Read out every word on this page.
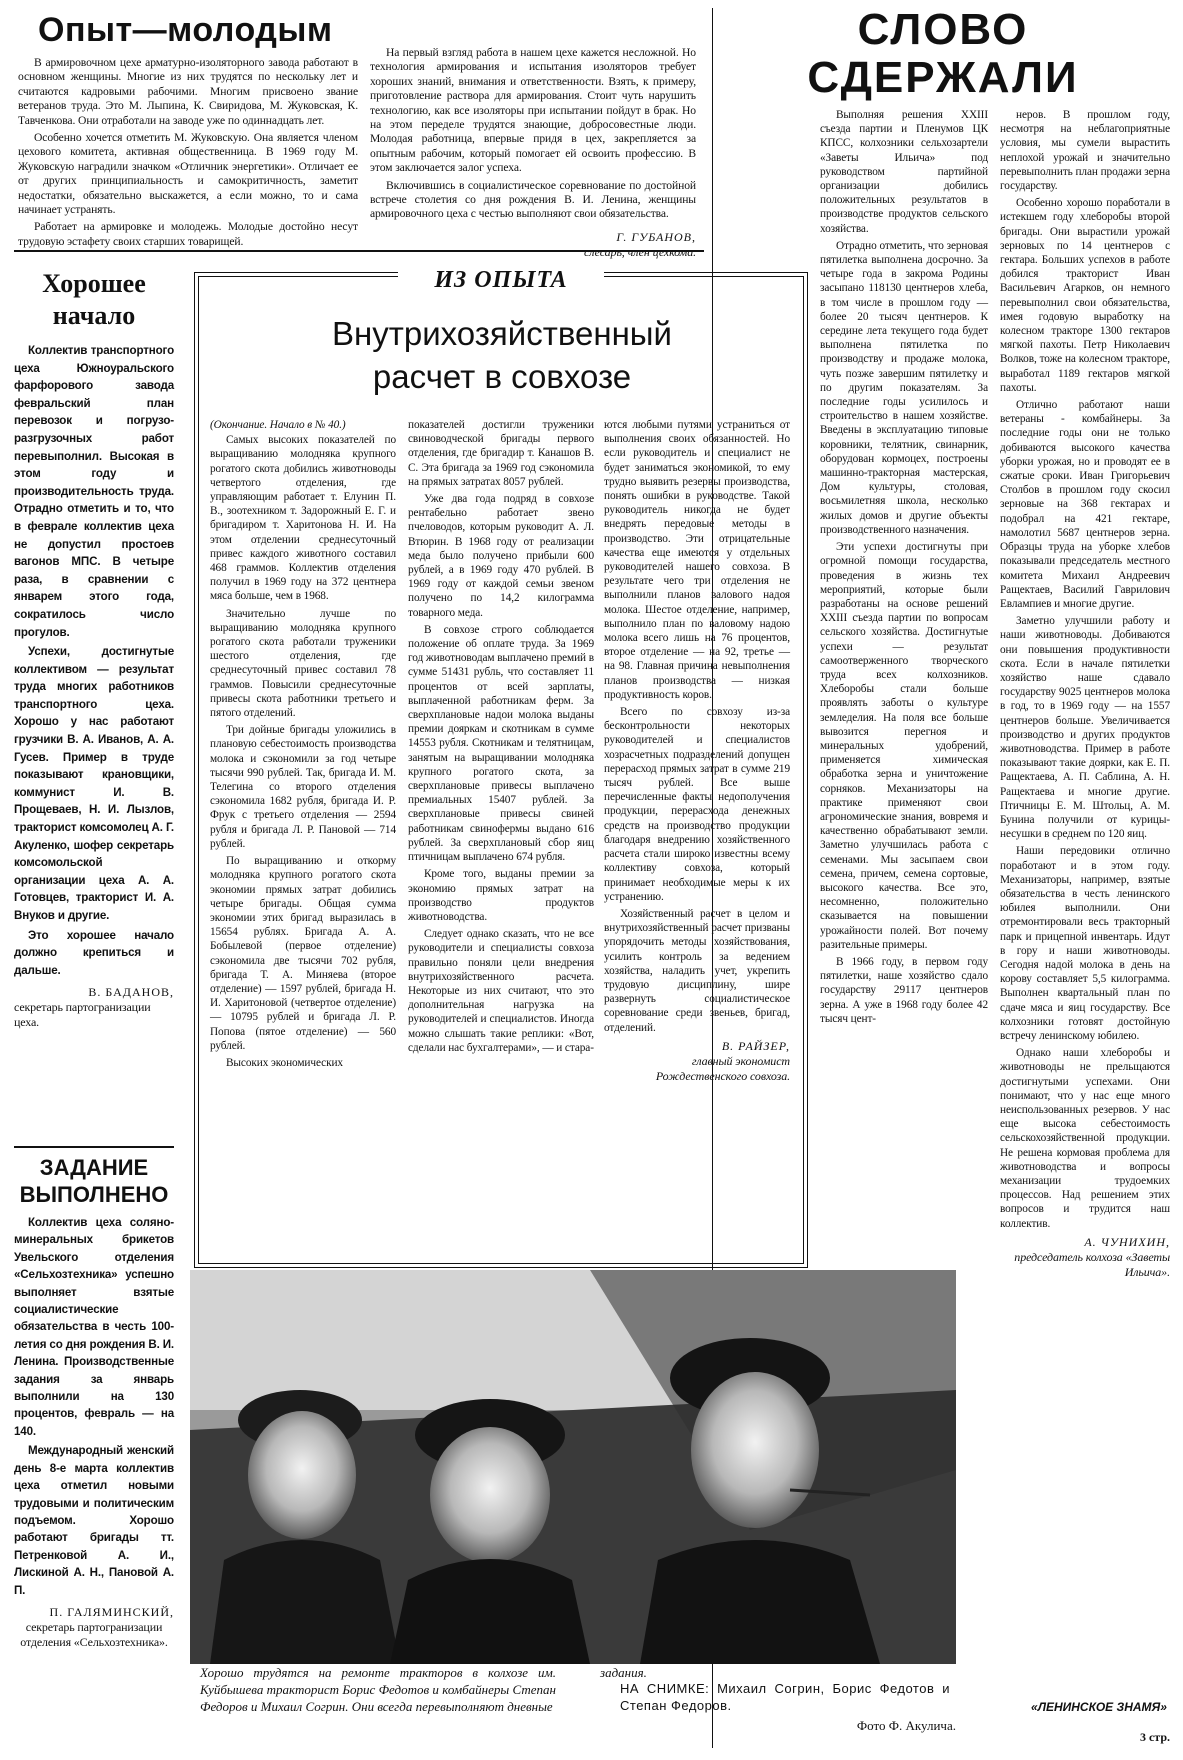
Опыт—молодым

В армировочном цехе арматурно-изоляторного завода работают в основном женщины. Многие из них трудятся по нескольку лет и считаются кадровыми рабочими. Многим присвоено звание ветеранов труда. Это М. Лыпина, К. Свиридова, М. Жуковская, К. Тавченкова. Они отработали на заводе уже по одиннадцать лет.

Особенно хочется отметить М. Жуковскую. Она является членом цехового комитета, активная общественница. В 1969 году М. Жуковскую наградили значком «Отличник энергетики». Отличает ее от других принципиальность и самокритичность, заметит недостатки, обязательно выскажется, а если можно, то и сама начинает устранять.

Работает на армировке и молодежь. Молодые достойно несут трудовую эстафету своих старших товарищей.

На первый взгляд работа в нашем цехе кажется несложной. Но технология армирования и испытания изоляторов требует хороших знаний, внимания и ответственности. Взять, к примеру, приготовление раствора для армирования. Стоит чуть нарушить технологию, как все изоляторы при испытании пойдут в брак. Но на этом переделе трудятся знающие, добросовестные люди. Молодая работница, впервые придя в цех, закрепляется за опытным рабочим, который помогает ей освоить профессию. В этом заключается залог успеха.

Включившись в социалистическое соревнование по достойной встрече столетия со дня рождения В. И. Ленина, женщины армировочного цеха с честью выполняют свои обязательства.

Г. ГУБАНОВ,
СЛОВО
СДЕРЖАЛИ

Выполняя решения XXIII съезда партии и Пленумов ЦК КПСС, колхозники сельхозартели «Заветы Ильича» под руководством партийной организации добились положительных результатов в производстве продуктов сельского хозяйства.

Отрадно отметить, что зерновая пятилетка выполнена досрочно. За четыре года в закрома Родины засыпано 118130 центнеров хлеба, в том числе в прошлом году — более 20 тысяч центнеров. К середине лета текущего года будет выполнена пятилетка по производству и продаже молока, чуть позже завершим пятилетку и по другим показателям. За последние годы усилилось и строительство в нашем хозяйстве. Введены в эксплуатацию типовые коровники, телятник, свинарник, оборудован кормоцех, построены машинно-тракторная мастерская, Дом культуры, столовая, восьмилетняя школа, несколько жилых домов и другие объекты производственного назначения.

Эти успехи достигнуты при огромной помощи государства, проведения в жизнь тех мероприятий, которые были разработаны на основе решений XXIII съезда партии по вопросам сельского хозяйства. Достигнутые успехи — результат самоотверженного творческого труда всех колхозников. Хлеборобы стали больше проявлять заботы о культуре земледелия. На поля все больше вывозится перегноя и минеральных удобрений, применяется химическая обработка зерна и уничтожение сорняков. Механизаторы на практике применяют свои агрономические знания, вовремя и качественно обрабатывают земли. Заметно улучшилась работа с семенами. Мы засыпаем свои семена, причем, семена сортовые, высокого качества. Все это, несомненно, положительно сказывается на повышении урожайности полей. Вот почему разительные примеры.

В 1966 году, в первом году пятилетки, наше хозяйство сдало государству 29117 центнеров зерна. А уже в 1968 году более 42 тысяч цент-

неров. В прошлом году, несмотря на неблагоприятные условия, мы сумели вырастить неплохой урожай и значительно перевыполнить план продажи зерна государству.

Особенно хорошо поработали в истекшем году хлеборобы второй бригады. Они вырастили урожай зерновых по 14 центнеров с гектара. Больших успехов в работе добился тракторист Иван Васильевич Агарков, он немного перевыполнил свои обязательства, имея годовую выработку на колесном тракторе 1300 гектаров мягкой пахоты. Петр Николаевич Волков, тоже на колесном тракторе, выработал 1189 гектаров мягкой пахоты.

Отлично работают наши ветераны - комбайнеры. За последние годы они не только добиваются высокого качества уборки урожая, но и проводят ее в сжатые сроки. Иван Григорьевич Столбов в прошлом году скосил зерновые на 368 гектарах и подобрал на 421 гектаре, намолотил 5687 центнеров зерна. Образцы труда на уборке хлебов показывали председатель местного комитета Михаил Андреевич Ращектаев, Василий Гаврилович Евлампиев и многие другие.

Заметно улучшили работу и наши животноводы. Добиваются они повышения продуктивности скота. Если в начале пятилетки хозяйство наше сдавало государству 9025 центнеров молока в год, то в 1969 году — на 1557 центнеров больше. Увеличивается производство и других продуктов животноводства. Пример в работе показывают такие доярки, как Е. П. Ращектаева, А. П. Саблина, А. Н. Ращектаева и многие другие. Птичницы Е. М. Штольц, А. М. Бунина получили от курицы-несушки в среднем по 120 яиц.

Наши передовики отлично поработают и в этом году. Механизаторы, например, взятые обязательства в честь ленинского юбилея выполнили. Они отремонтировали весь тракторный парк и прицепной инвентарь. Идут в гору и наши животноводы. Сегодня надой молока в день на корову составляет 5,5 килограмма. Выполнен квартальный план по сдаче мяса и яиц государству. Все колхозники готовят достойную встречу ленинскому юбилею.

Однако наши хлеборобы и животноводы не прельщаются достигнутыми успехами. Они понимают, что у нас еще много неиспользованных резервов. У нас еще высока себестоимость сельскохозяйственной продукции. Не решена кормовая проблема для животноводства и вопросы механизации трудоемких процессов. Над решением этих вопросов и трудится наш коллектив.

А. ЧУНИХИН,
председатель колхоза «Заветы Ильича».
Хорошее
начало

Коллектив транспортного цеха Южноуральского фарфорового завода февральский план перевозок и погрузо-разгрузочных работ перевыполнил. Высокая в этом году и производительность труда. Отрадно отметить и то, что в феврале коллектив цеха не допустил простоев вагонов МПС. В четыре раза, в сравнении с январем этого года, сократилось число прогулов.

Успехи, достигнутые коллективом — результат труда многих работников транспортного цеха. Хорошо у нас работают грузчики В. А. Иванов, А. А. Гусев. Пример в труде показывают крановщики, коммунист И. В. Прощеваев, Н. И. Лызлов, тракторист комсомолец А. Г. Акуленко, шофер секретарь комсомольской организации цеха А. А. Готовцев, тракторист И. А. Внуков и другие.

Это хорошее начало должно крепиться и дальше.

В. БАДАНОВ,
секретарь партогранизации цеха.
ЗАДАНИЕ
ВЫПОЛНЕНО

Коллектив цеха соляно-минеральных брикетов Увельского отделения «Сельхозтехника» успешно выполняет взятые социалистические обязательства в честь 100-летия со дня рождения В. И. Ленина. Производственные задания за январь выполнили на 130 процентов, февраль — на 140.

Международный женский день 8-е марта коллектив цеха отметил новыми трудовыми и политическим подъемом. Хорошо работают бригады тт. Петренковой А. И., Лискиной А. Н., Пановой А. П.

П. ГАЛЯМИНСКИЙ,
секретарь партогранизации отделения «Сельхозтехника».
ИЗ ОПЫТА
Внутрихозяйственный
расчет в совхозе
(Окончание. Начало в № 40.)

Самых высоких показателей по выращиванию молодняка крупного рогатого скота добились животноводы четвертого отделения, где управляющим работает т. Елунин П. В., зоотехником т. Задорожный Е. Г. и бригадиром т. Харитонова Н. И. На этом отделении среднесуточный привес каждого животного составил 468 граммов. Коллектив отделения получил в 1969 году на 372 центнера мяса больше, чем в 1968.

Значительно лучше по выращиванию молодняка крупного рогатого скота работали труженики шестого отделения, где среднесуточный привес составил 78 граммов. Повысили среднесуточные привесы скота работники третьего и пятого отделений.

Три дойные бригады уложились в плановую себестоимость производства молока и сэкономили за год четыре тысячи 990 рублей. Так, бригада И. М. Телегина со второго отделения сэкономила 1682 рубля, бригада И. Р. Фрук с третьего отделения — 2594 рубля и бригада Л. Р. Пановой — 714 рублей.

По выращиванию и откорму молодняка крупного рогатого скота экономии прямых затрат добились четыре бригады. Общая сумма экономии этих бригад выразилась в 15654 рублях. Бригада А. А. Бобылевой (первое отделение) сэкономила две тысячи 702 рубля, бригада Т. А. Миняева (второе отделение) — 1597 рублей, бригада Н. И. Харитоновой (четвертое отделение) — 10795 рублей и бригада Л. Р. Попова (пятое отделение) — 560 рублей.

Высоких экономических

показателей достигли труженики свиноводческой бригады первого отделения, где бригадир т. Канашов В. С. Эта бригада за 1969 год сэкономила на прямых затратах 8057 рублей.

Уже два года подряд в совхозе рентабельно работает звено пчеловодов, которым руководит А. Л. Втюрин. В 1968 году от реализации меда было получено прибыли 600 рублей, а в 1969 году 470 рублей. В 1969 году от каждой семьи звеном получено по 14,2 килограмма товарного меда.

В совхозе строго соблюдается положение об оплате труда. За 1969 год животноводам выплачено премий в сумме 51431 рубль, что составляет 11 процентов от всей зарплаты, выплаченной работникам ферм. За сверхплановые надои молока выданы премии дояркам и скотникам в сумме 14553 рубля. Скотникам и телятницам, занятым на выращивании молодняка крупного рогатого скота, за сверхплановые привесы выплачено премиальных 15407 рублей. За сверхплановые привесы свиней работникам свинофермы выдано 616 рублей. За сверхплановый сбор яиц птичницам выплачено 674 рубля.

Кроме того, выданы премии за экономию прямых затрат на производство продуктов животноводства.

Следует однако сказать, что не все руководители и специалисты совхоза правильно поняли цели внедрения внутрихозяйственного расчета. Некоторые из них считают, что это дополнительная нагрузка на руководителей и специалистов. Иногда можно слышать такие реплики: «Вот, сделали нас бухгалтерами», — и стара-

ются любыми путями устраниться от выполнения своих обязанностей. Но если руководитель и специалист не будет заниматься экономикой, то ему трудно выявить резервы производства, понять ошибки в руководстве. Такой руководитель никогда не будет внедрять передовые методы в производство. Эти отрицательные качества еще имеются у отдельных руководителей нашего совхоза. В результате чего три отделения не выполнили планов валового надоя молока. Шестое отделение, например, выполнило план по валовому надою молока всего лишь на 76 процентов, второе отделение — на 92, третье — на 98. Главная причина невыполнения планов производства — низкая продуктивность коров.

Всего по совхозу из-за бесконтрольности некоторых руководителей и специалистов хозрасчетных подразделений допущен перерасход прямых затрат в сумме 219 тысяч рублей. Все выше перечисленные факты недополучения продукции, перерасхода денежных средств на производство продукции благодаря внедрению хозяйственного расчета стали широко известны всему коллективу совхоза, который принимает необходимые меры к их устранению.

Хозяйственный расчет в целом и внутрихозяйственный расчет призваны упорядочить методы хозяйствования, усилить контроль за ведением хозяйства, наладить учет, укрепить трудовую дисциплину, шире развернуть социалистическое соревнование среди звеньев, бригад, отделений.

В. РАЙЗЕР,
главный экономист Рождественского совхоза.
Хорошо трудятся на ремонте тракторов в колхозе им. Куйбышева тракторист Борис Федотов и комбайнеры Степан Федоров и Михаил Согрин. Они всегда перевыполняют дневные
задания.
НА СНИМКЕ: Михаил Согрин, Борис Федотов и Степан Федоров.
Фото Ф. Акулича.
«ЛЕНИНСКОЕ ЗНАМЯ»
3 стр.
